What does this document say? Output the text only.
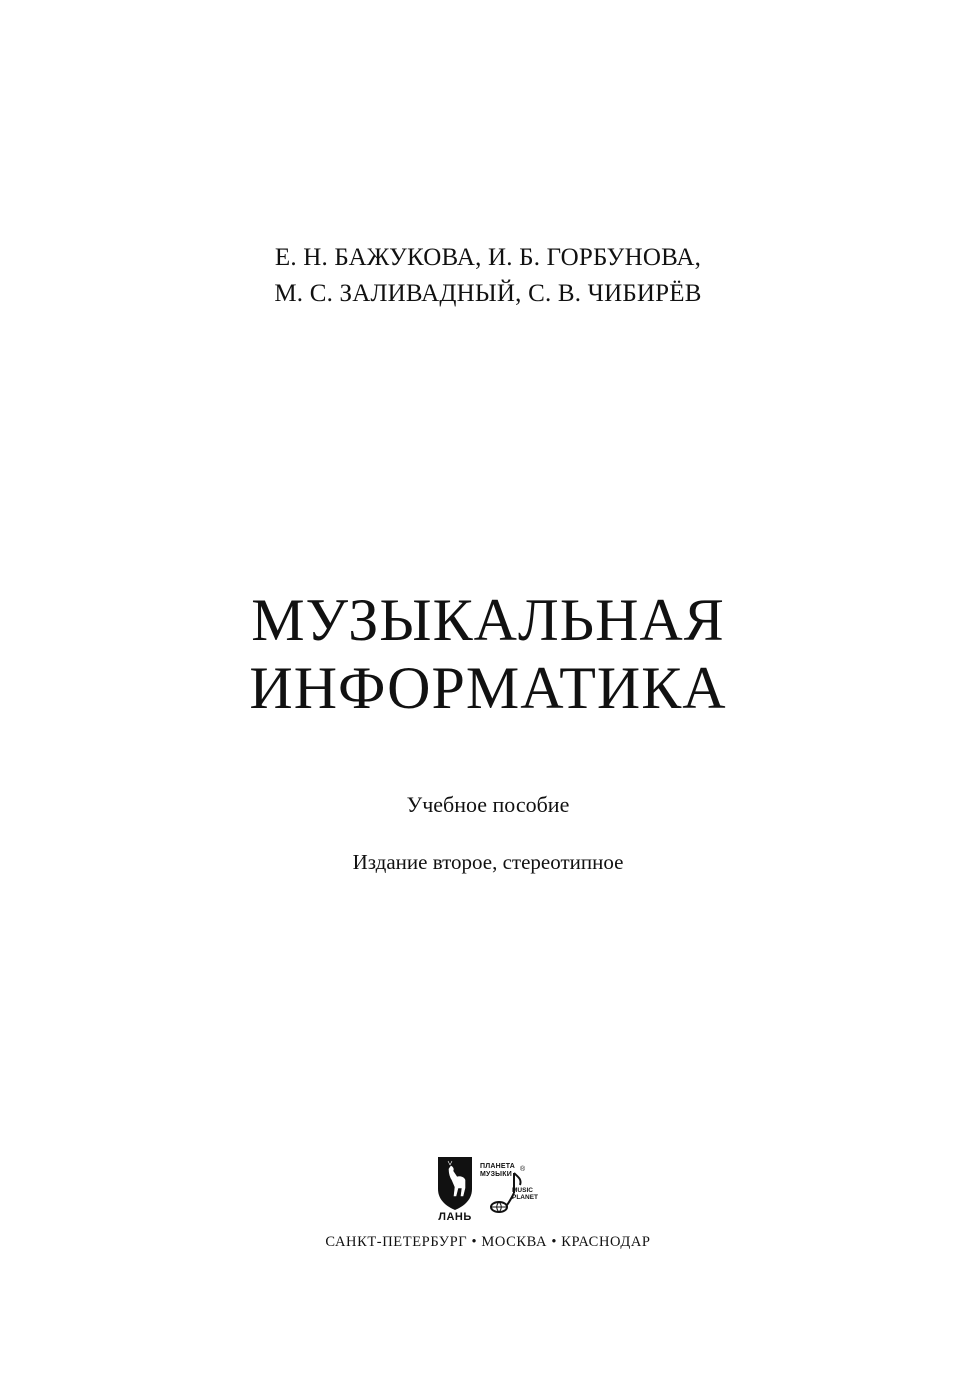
Е. Н. БАЖУКОВА, И. Б. ГОРБУНОВА,
М. С. ЗАЛИВАДНЫЙ, С. В. ЧИБИРЁВ
МУЗЫКАЛЬНАЯ
ИНФОРМАТИКА
Учебное пособие
Издание второе, стереотипное
ЛАНЬ
ПЛАНЕТА
МУЗЫКИ
®
MUSIC
PLANET
САНКТ-ПЕТЕРБУРГ • МОСКВА • КРАСНОДАР
